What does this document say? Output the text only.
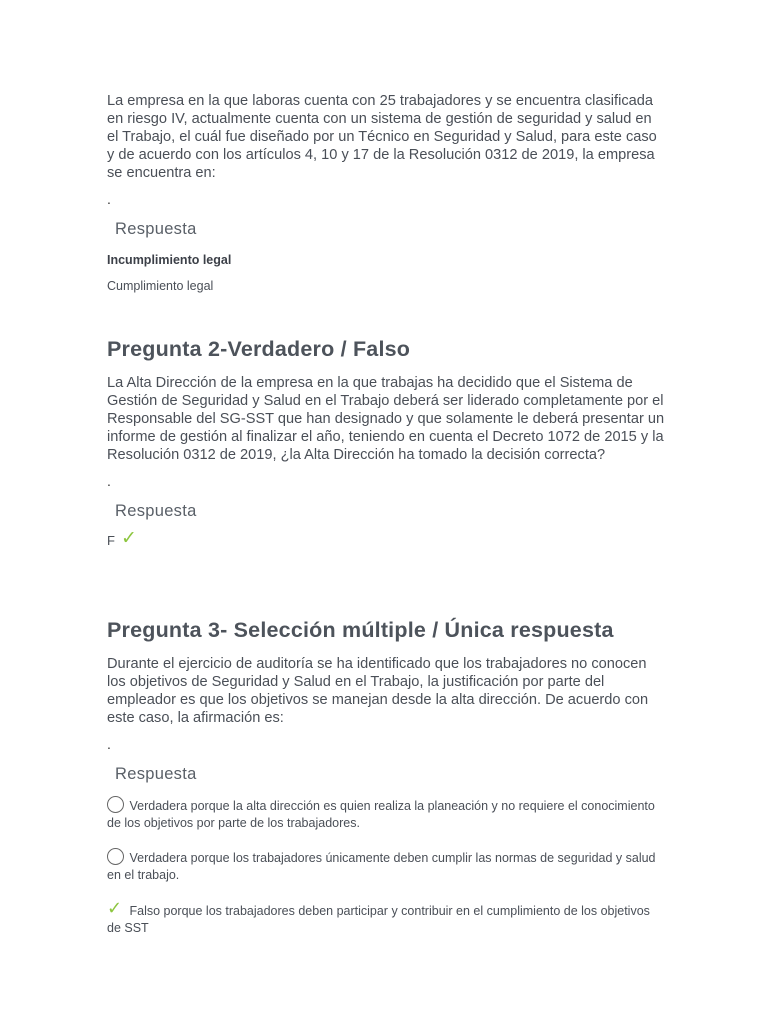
La empresa en la que laboras cuenta con 25 trabajadores y se encuentra clasificada en riesgo IV, actualmente cuenta con un sistema de gestión de seguridad y salud en el Trabajo, el cuál fue diseñado por un Técnico en Seguridad y Salud, para este caso y de acuerdo con los artículos 4, 10 y 17 de la Resolución 0312 de 2019, la empresa se encuentra en:

.

Respuesta
Incumplimiento legal
Cumplimiento legal
Pregunta 2-Verdadero / Falso

La Alta Dirección de la empresa en la que trabajas ha decidido que el Sistema de Gestión de Seguridad y Salud en el Trabajo deberá ser liderado completamente por el Responsable del SG-SST que han designado y que solamente le deberá presentar un informe de gestión al finalizar el año, teniendo en cuenta el Decreto 1072 de 2015 y la Resolución 0312 de 2019, ¿la Alta Dirección ha tomado la decisión correcta?

.

Respuesta
F ✓
Pregunta 3- Selección múltiple / Única respuesta

Durante el ejercicio de auditoría se ha identificado que los trabajadores no conocen los objetivos de Seguridad y Salud en el Trabajo, la justificación por parte del empleador es que los objetivos se manejan desde la alta dirección. De acuerdo con este caso, la afirmación es:

.

Respuesta
Verdadera porque la alta dirección es quien realiza la planeación y no requiere el conocimiento de los objetivos por parte de los trabajadores.
Verdadera porque los trabajadores únicamente deben cumplir las normas de seguridad y salud en el trabajo.
✓ Falso porque los trabajadores deben participar y contribuir en el cumplimiento de los objetivos de SST
